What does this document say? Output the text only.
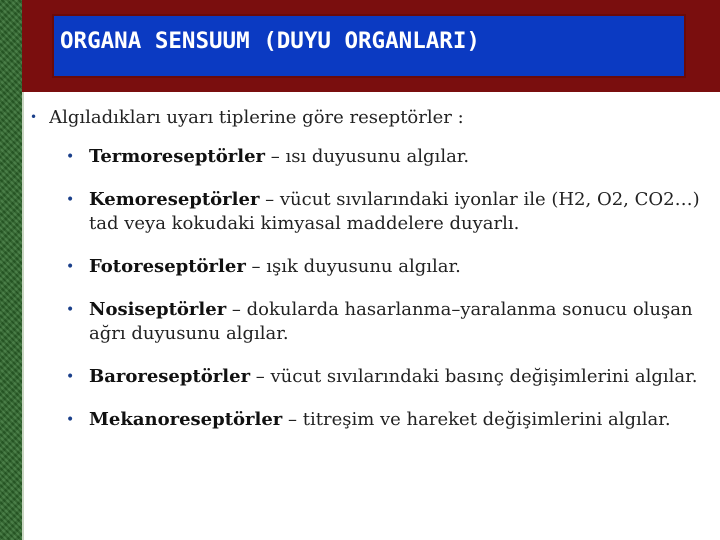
ORGANA SENSUUM (DUYU ORGANLARI)
• Algıladıkları uyarı tiplerine göre reseptörler :
• Termoreseptörler – ısı duyusunu algılar.
• Kemoreseptörler – vücut sıvılarındaki iyonlar ile (H2, O2, CO2…) tad veya kokudaki kimyasal maddelere duyarlı.
• Fotoreseptörler – ışık duyusunu algılar.
• Nosiseptörler – dokularda hasarlanma–yaralanma sonucu oluşan ağrı duyusunu algılar.
• Baroreseptörler – vücut sıvılarındaki basınç değişimlerini algılar.
• Mekanoreseptörler – titreşim ve hareket değişimlerini algılar.
